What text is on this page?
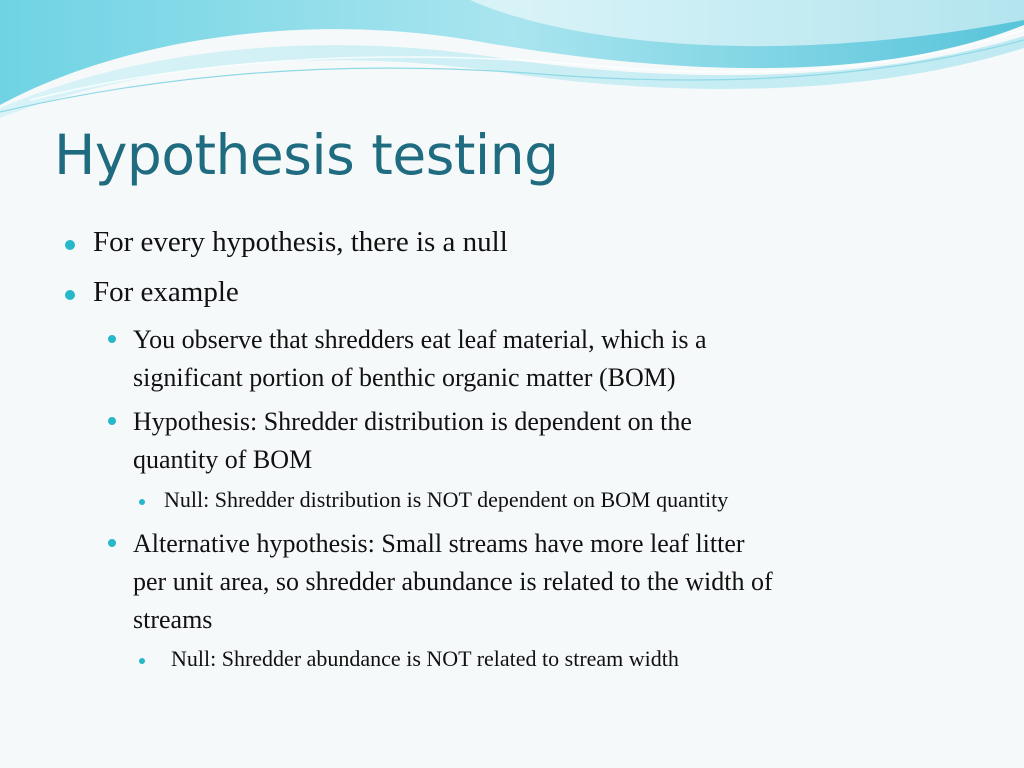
Hypothesis testing
For every hypothesis, there is a null
For example
You observe that shredders eat leaf material, which is a
significant portion of benthic organic matter (BOM)
Hypothesis: Shredder distribution is dependent on the
quantity of BOM
Null: Shredder distribution is NOT dependent on BOM quantity
Alternative hypothesis: Small streams have more leaf litter
per unit area, so shredder abundance is related to the width of
streams
Null: Shredder abundance is NOT related to stream width
